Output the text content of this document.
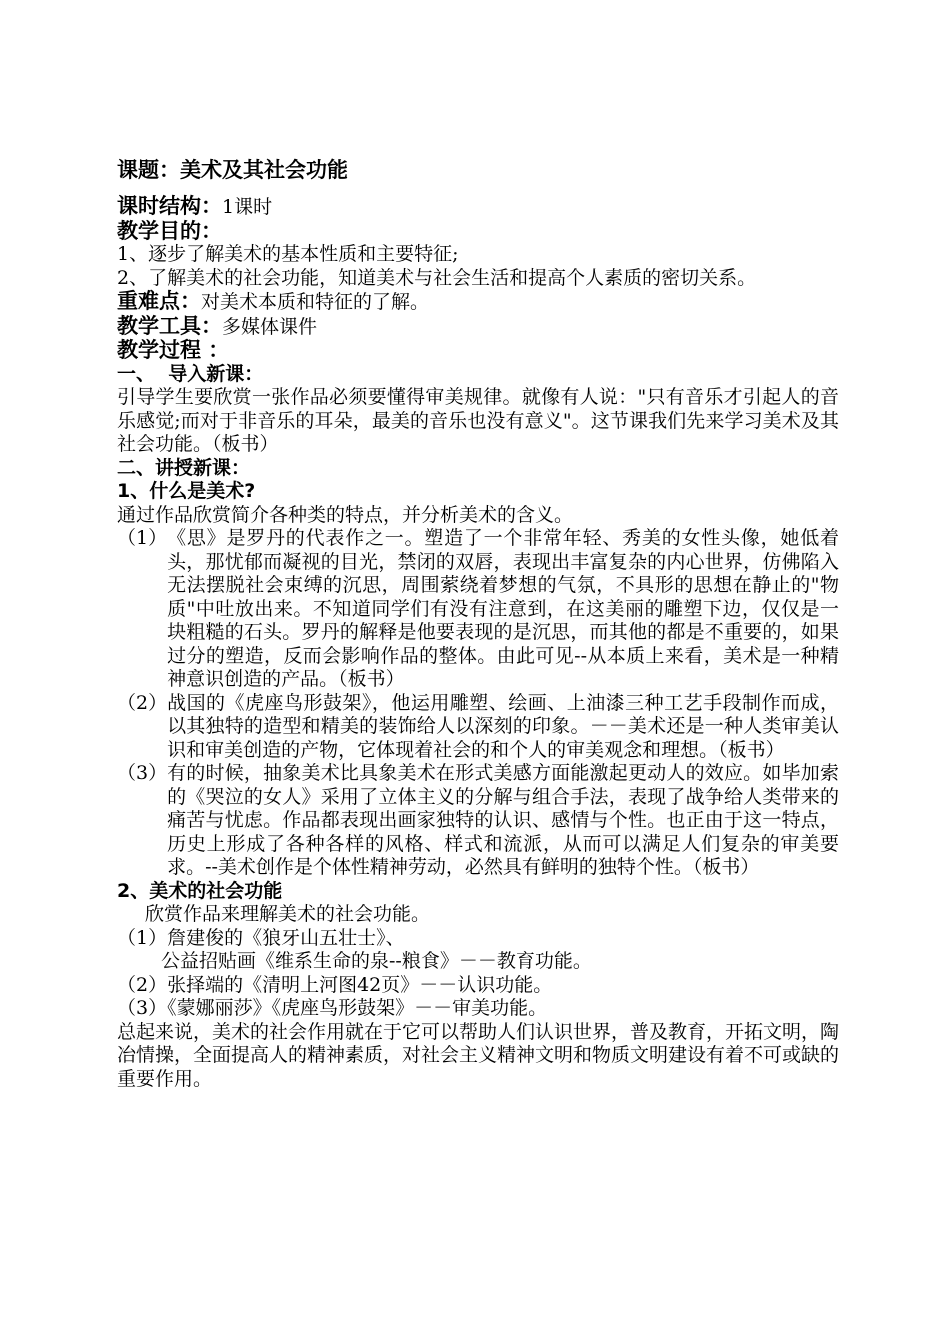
课题：美术及其社会功能
课时结构：1课时
教学目的：

1、逐步了解美术的基本性质和主要特征;

2、了解美术的社会功能，知道美术与社会生活和提高个人素质的密切关系。

重难点：对美术本质和特征的了解。
教学工具：多媒体课件
教学过程 ：
一、  导入新课：

引导学生要欣赏一张作品必须要懂得审美规律。就像有人说："只有音乐才引起人的音乐感觉;而对于非音乐的耳朵，最美的音乐也没有意义"。这节课我们先来学习美术及其社会功能。（板书）

二、讲授新课：
1、什么是美术?

通过作品欣赏简介各种类的特点，并分析美术的含义。

（1） 《思》是罗丹的代表作之一。塑造了一个非常年轻、秀美的女性头像，她低着头，那忧郁而凝视的目光，禁闭的双唇，表现出丰富复杂的内心世界，仿佛陷入无法摆脱社会束缚的沉思，周围萦绕着梦想的气氛，不具形的思想在静止的"物质"中吐放出来。不知道同学们有没有注意到，在这美丽的雕塑下边，仅仅是一块粗糙的石头。罗丹的解释是他要表现的是沉思，而其他的都是不重要的，如果过分的塑造，反而会影响作品的整体。由此可见--从本质上来看，美术是一种精神意识创造的产品。（板书）
（2） 战国的《虎座鸟形鼓架》，他运用雕塑、绘画、上油漆三种工艺手段制作而成，以其独特的造型和精美的装饰给人以深刻的印象。－－美术还是一种人类审美认识和审美创造的产物，它体现着社会的和个人的审美观念和理想。（板书）
（3） 有的时候，抽象美术比具象美术在形式美感方面能激起更动人的效应。如毕加索的《哭泣的女人》采用了立体主义的分解与组合手法，表现了战争给人类带来的痛苦与忧虑。作品都表现出画家独特的认识、感情与个性。也正由于这一特点，历史上形成了各种各样的风格、样式和流派，从而可以满足人们复杂的审美要求。--美术创作是个体性精神劳动，必然具有鲜明的独特个性。（板书）
2、美术的社会功能

欣赏作品来理解美术的社会功能。

（1）詹建俊的《狼牙山五壮士》、

公益招贴画《维系生命的泉--粮食》－－教育功能。

（2）张择端的《清明上河图42页》－－认识功能。

（3）《蒙娜丽莎》《虎座鸟形鼓架》－－审美功能。

总起来说，美术的社会作用就在于它可以帮助人们认识世界，普及教育，开拓文明，陶冶情操，全面提高人的精神素质，对社会主义精神文明和物质文明建设有着不可或缺的重要作用。
